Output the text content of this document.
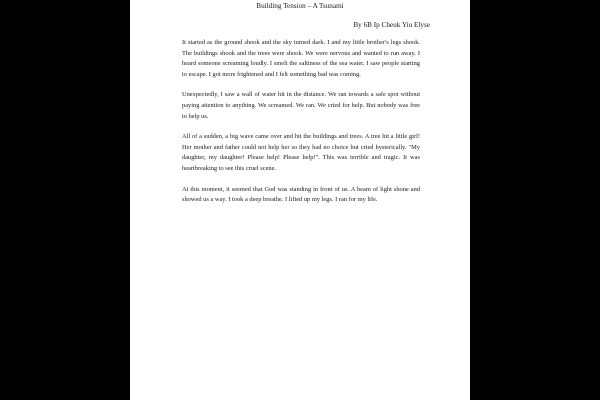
Building Tension – A Tsunami

By 6B Ip Cheuk Yiu Elyse

It started as the ground shook and the sky turned dark. I and my little brother's legs shook. The buildings shook and the trees were shook. We were nervous and wanted to run away. I heard someone screaming loudly. I smelt the saltiness of the sea water. I saw people starting to escape. I got more frightened and I felt something bad was coming.

Unexpectedly, I saw a wall of water hit in the distance. We ran towards a safe spot without paying attention to anything. We screamed. We ran. We cried for help. But nobody was free to help us.

All of a sudden, a big wave came over and hit the buildings and trees. A tree hit a little girl! Her mother and father could not help her so they had no choice but cried hysterically. "My daughter, my daughter! Please help! Please help!". This was terrible and tragic. It was heartbreaking to see this cruel scene.

At this moment, it seemed that God was standing in front of us. A beam of light shone and showed us a way. I took a deep breathe. I lifted up my legs. I ran for my life.
